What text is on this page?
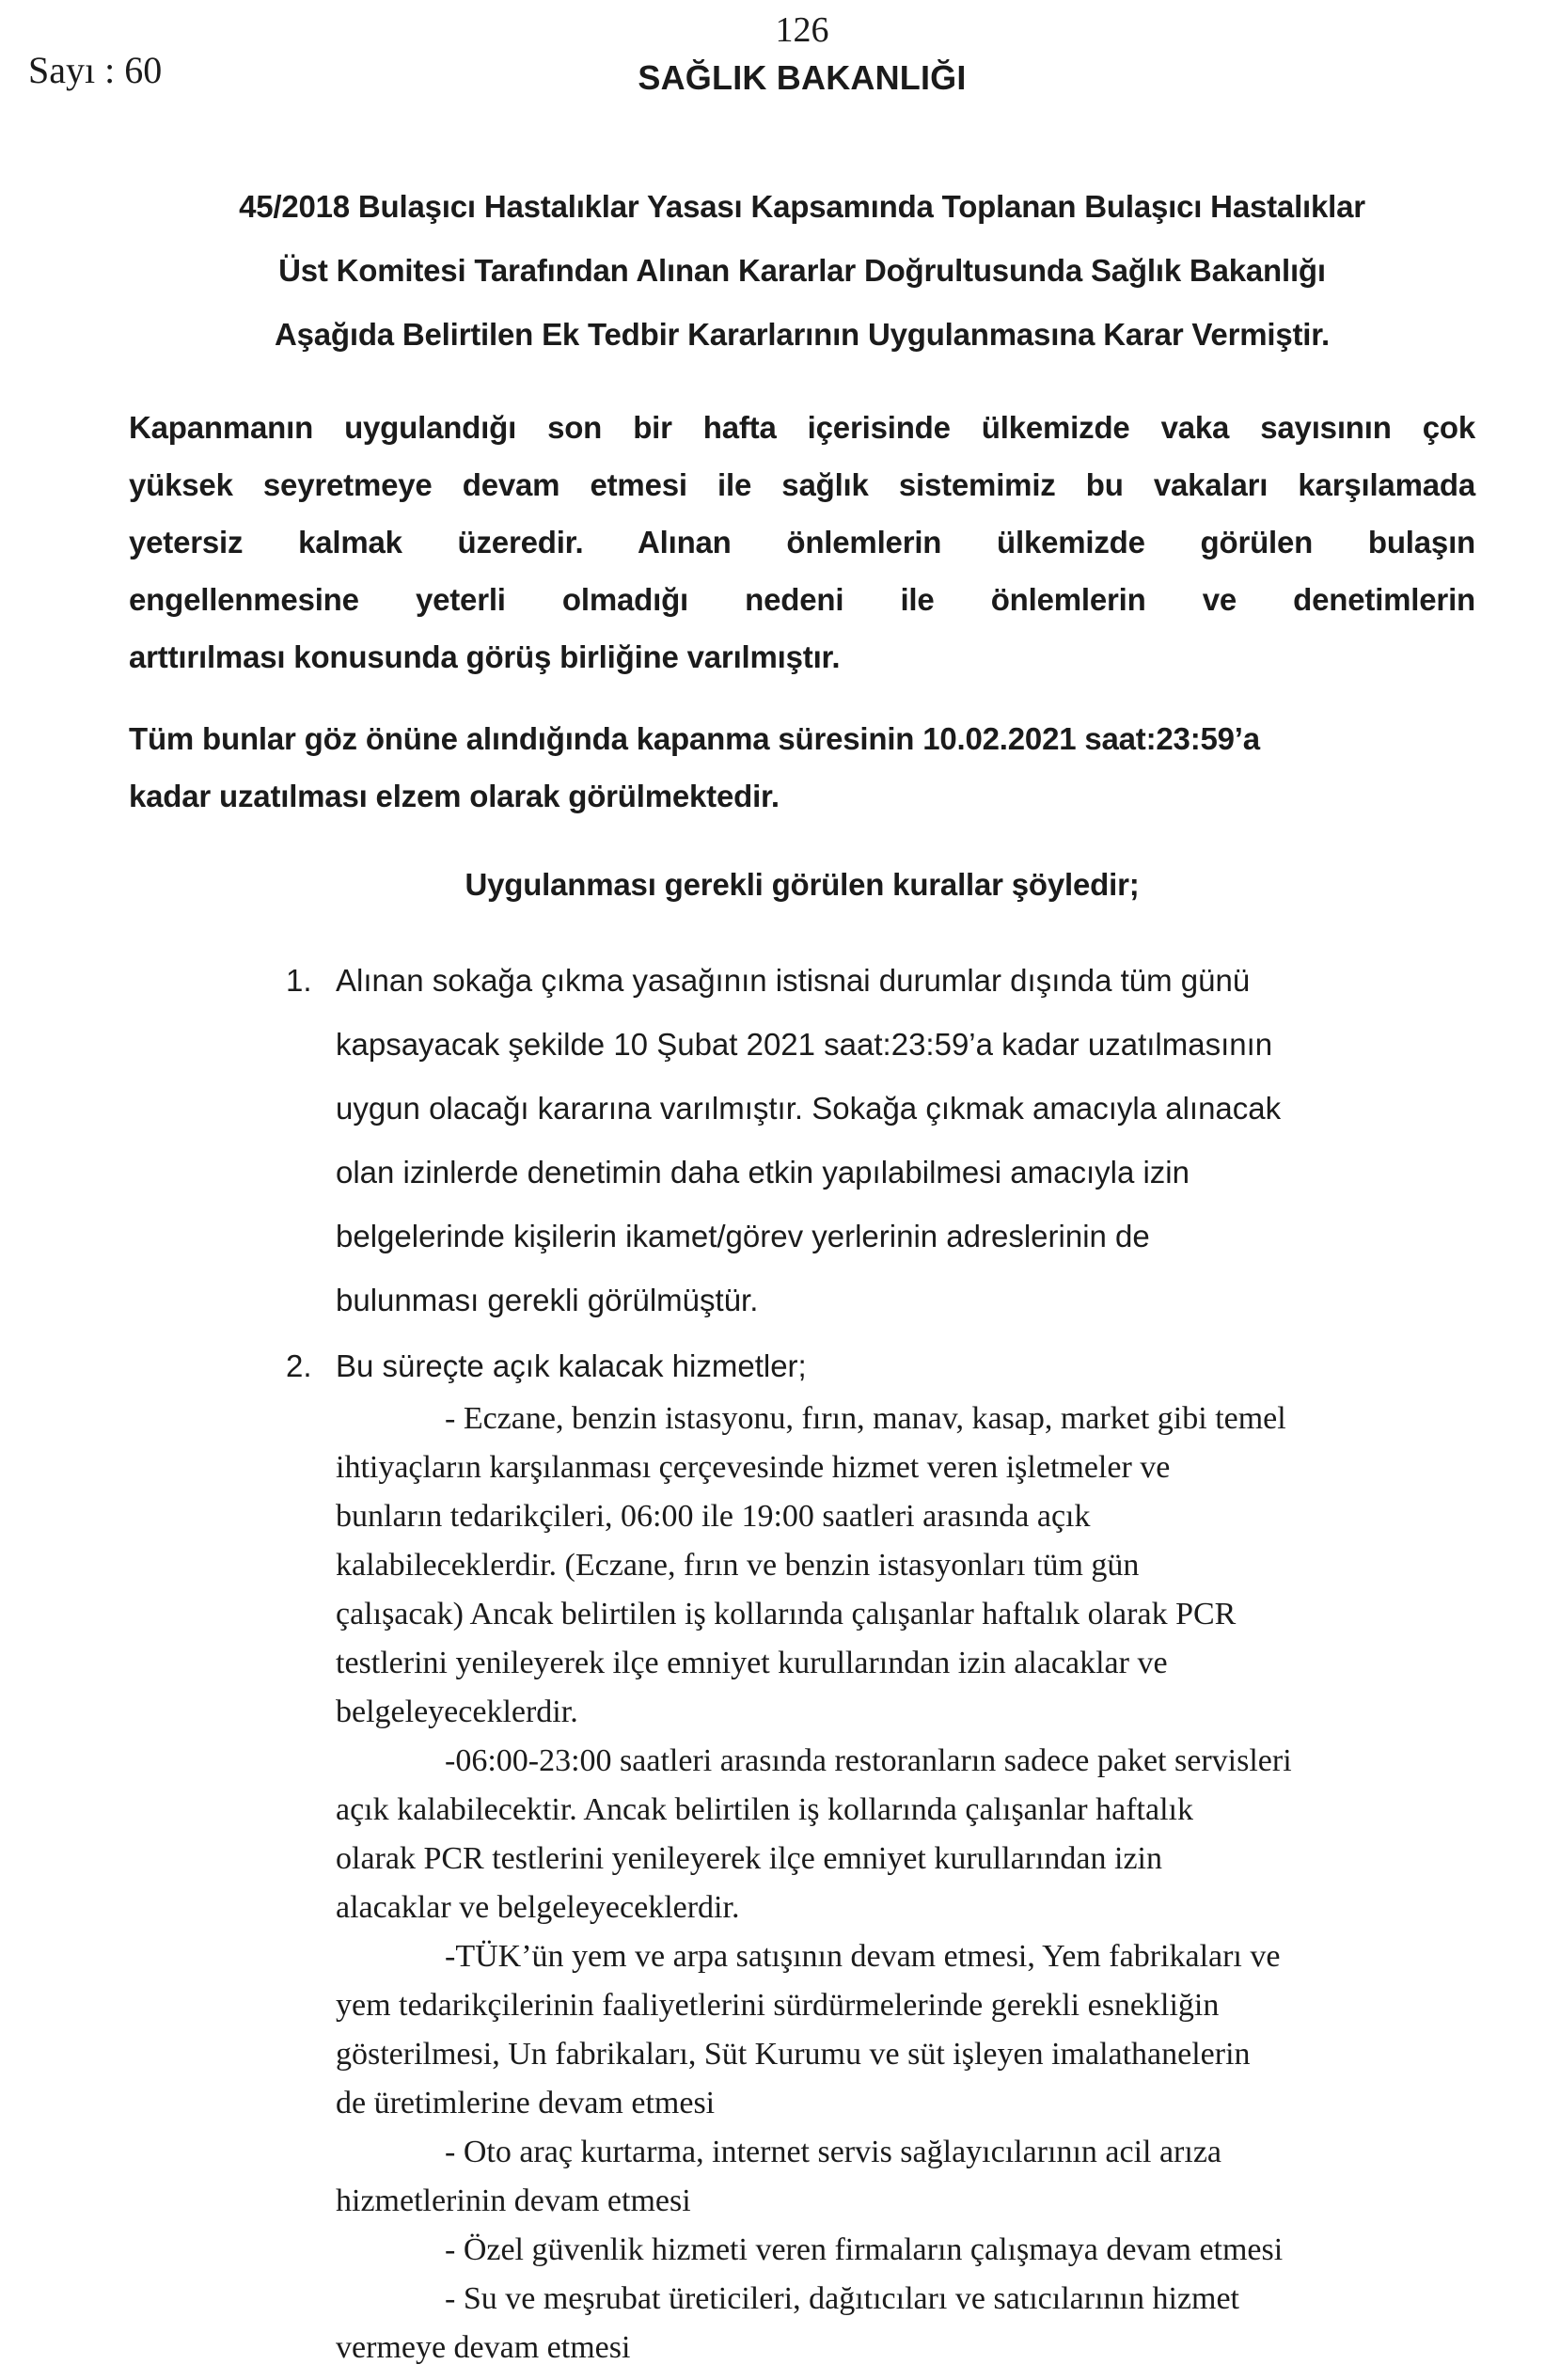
Sayı : 60
126
SAĞLIK BAKANLIĞI
45/2018 Bulaşıcı Hastalıklar Yasası Kapsamında Toplanan Bulaşıcı Hastalıklar
Üst Komitesi Tarafından Alınan Kararlar Doğrultusunda Sağlık Bakanlığı
Aşağıda Belirtilen Ek Tedbir Kararlarının Uygulanmasına Karar Vermiştir.
Kapanmanın uygulandığı son bir hafta içerisinde ülkemizde vaka sayısının çok
yüksek seyretmeye devam etmesi ile sağlık sistemimiz bu vakaları karşılamada
yetersiz kalmak üzeredir. Alınan önlemlerin ülkemizde görülen bulaşın
engellenmesine yeterli olmadığı nedeni ile önlemlerin ve denetimlerin
arttırılması konusunda görüş birliğine varılmıştır.
Tüm bunlar göz önüne alındığında kapanma süresinin 10.02.2021 saat:23:59’a
kadar uzatılması elzem olarak görülmektedir.
Uygulanması gerekli görülen kurallar şöyledir;
1. Alınan sokağa çıkma yasağının istisnai durumlar dışında tüm günü
kapsayacak şekilde 10 Şubat 2021 saat:23:59’a kadar uzatılmasının
uygun olacağı kararına varılmıştır. Sokağa çıkmak amacıyla alınacak
olan izinlerde denetimin daha etkin yapılabilmesi amacıyla izin
belgelerinde kişilerin ikamet/görev yerlerinin adreslerinin de
bulunması gerekli görülmüştür.
2. Bu süreçte açık kalacak hizmetler;
- Eczane, benzin istasyonu, fırın, manav, kasap, market gibi temel
ihtiyaçların karşılanması çerçevesinde hizmet veren işletmeler ve
bunların tedarikçileri, 06:00 ile 19:00 saatleri arasında açık
kalabileceklerdir. (Eczane, fırın ve benzin istasyonları tüm gün
çalışacak) Ancak belirtilen iş kollarında çalışanlar haftalık olarak PCR
testlerini yenileyerek ilçe emniyet kurullarından izin alacaklar ve
belgeleyeceklerdir.
-06:00-23:00 saatleri arasında restoranların sadece paket servisleri
açık kalabilecektir. Ancak belirtilen iş kollarında çalışanlar haftalık
olarak PCR testlerini yenileyerek ilçe emniyet kurullarından izin
alacaklar ve belgeleyeceklerdir.
-TÜK’ün yem ve arpa satışının devam etmesi, Yem fabrikaları ve
yem tedarikçilerinin faaliyetlerini sürdürmelerinde gerekli esnekliğin
gösterilmesi, Un fabrikaları, Süt Kurumu ve süt işleyen imalathanelerin
de üretimlerine devam etmesi
- Oto araç kurtarma, internet servis sağlayıcılarının acil arıza
hizmetlerinin devam etmesi
- Özel güvenlik hizmeti veren firmaların çalışmaya devam etmesi
- Su ve meşrubat üreticileri, dağıtıcıları ve satıcılarının hizmet
vermeye devam etmesi
